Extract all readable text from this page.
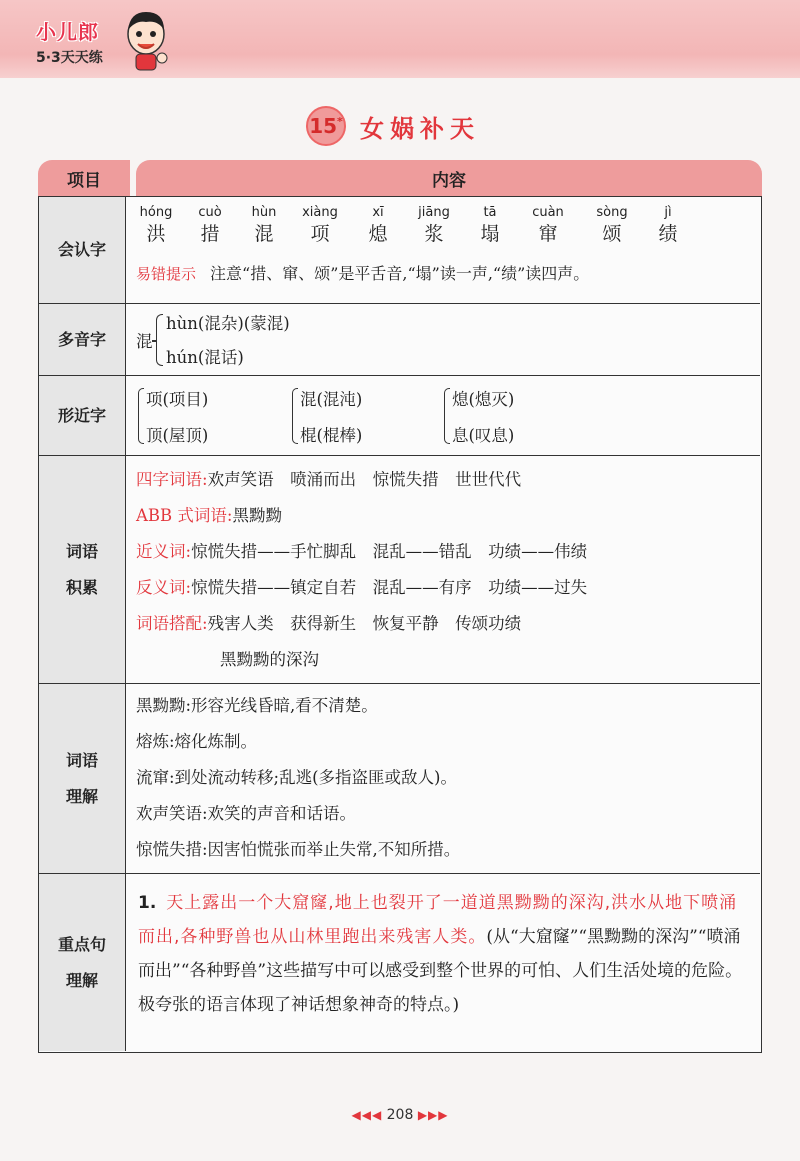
小儿郎
5·3天天练
15* 女娲补天
项目	内容
会认字
hóng
洪
cuò
措
hùn
混
xiàng
项
xī
熄
jiāng
浆
tā
塌
cuàn
窜
sòng
颂
jì
绩
易错提示 注意“措、窜、颂”是平舌音,“塌”读一声,“绩”读四声。
多音字	混
hùn(混杂)(蒙混)
hún(混话)
形近字
项(项目)
顶(屋顶)
混(混沌)
棍(棍棒)
熄(熄灭)
息(叹息)
词语
积累
四字词语:欢声笑语　喷涌而出　惊慌失措　世世代代
ABB 式词语:黑黝黝
近义词:惊慌失措——手忙脚乱　混乱——错乱　功绩——伟绩
反义词:惊慌失措——镇定自若　混乱——有序　功绩——过失
词语搭配:残害人类　获得新生　恢复平静　传颂功绩
黑黝黝的深沟
词语
理解
黑黝黝:形容光线昏暗,看不清楚。
熔炼:熔化炼制。
流窜:到处流动转移;乱逃(多指盗匪或敌人)。
欢声笑语:欢笑的声音和话语。
惊慌失措:因害怕慌张而举止失常,不知所措。
重点句
理解
1. 天上露出一个大窟窿,地上也裂开了一道道黑黝黝的深沟,洪水从地下喷涌而出,各种野兽也从山林里跑出来残害人类。(从“大窟窿”“黑黝黝的深沟”“喷涌而出”“各种野兽”这些描写中可以感受到整个世界的可怕、人们生活处境的危险。极夸张的语言体现了神话想象神奇的特点。)
◀◀◀ 208 ▶▶▶
